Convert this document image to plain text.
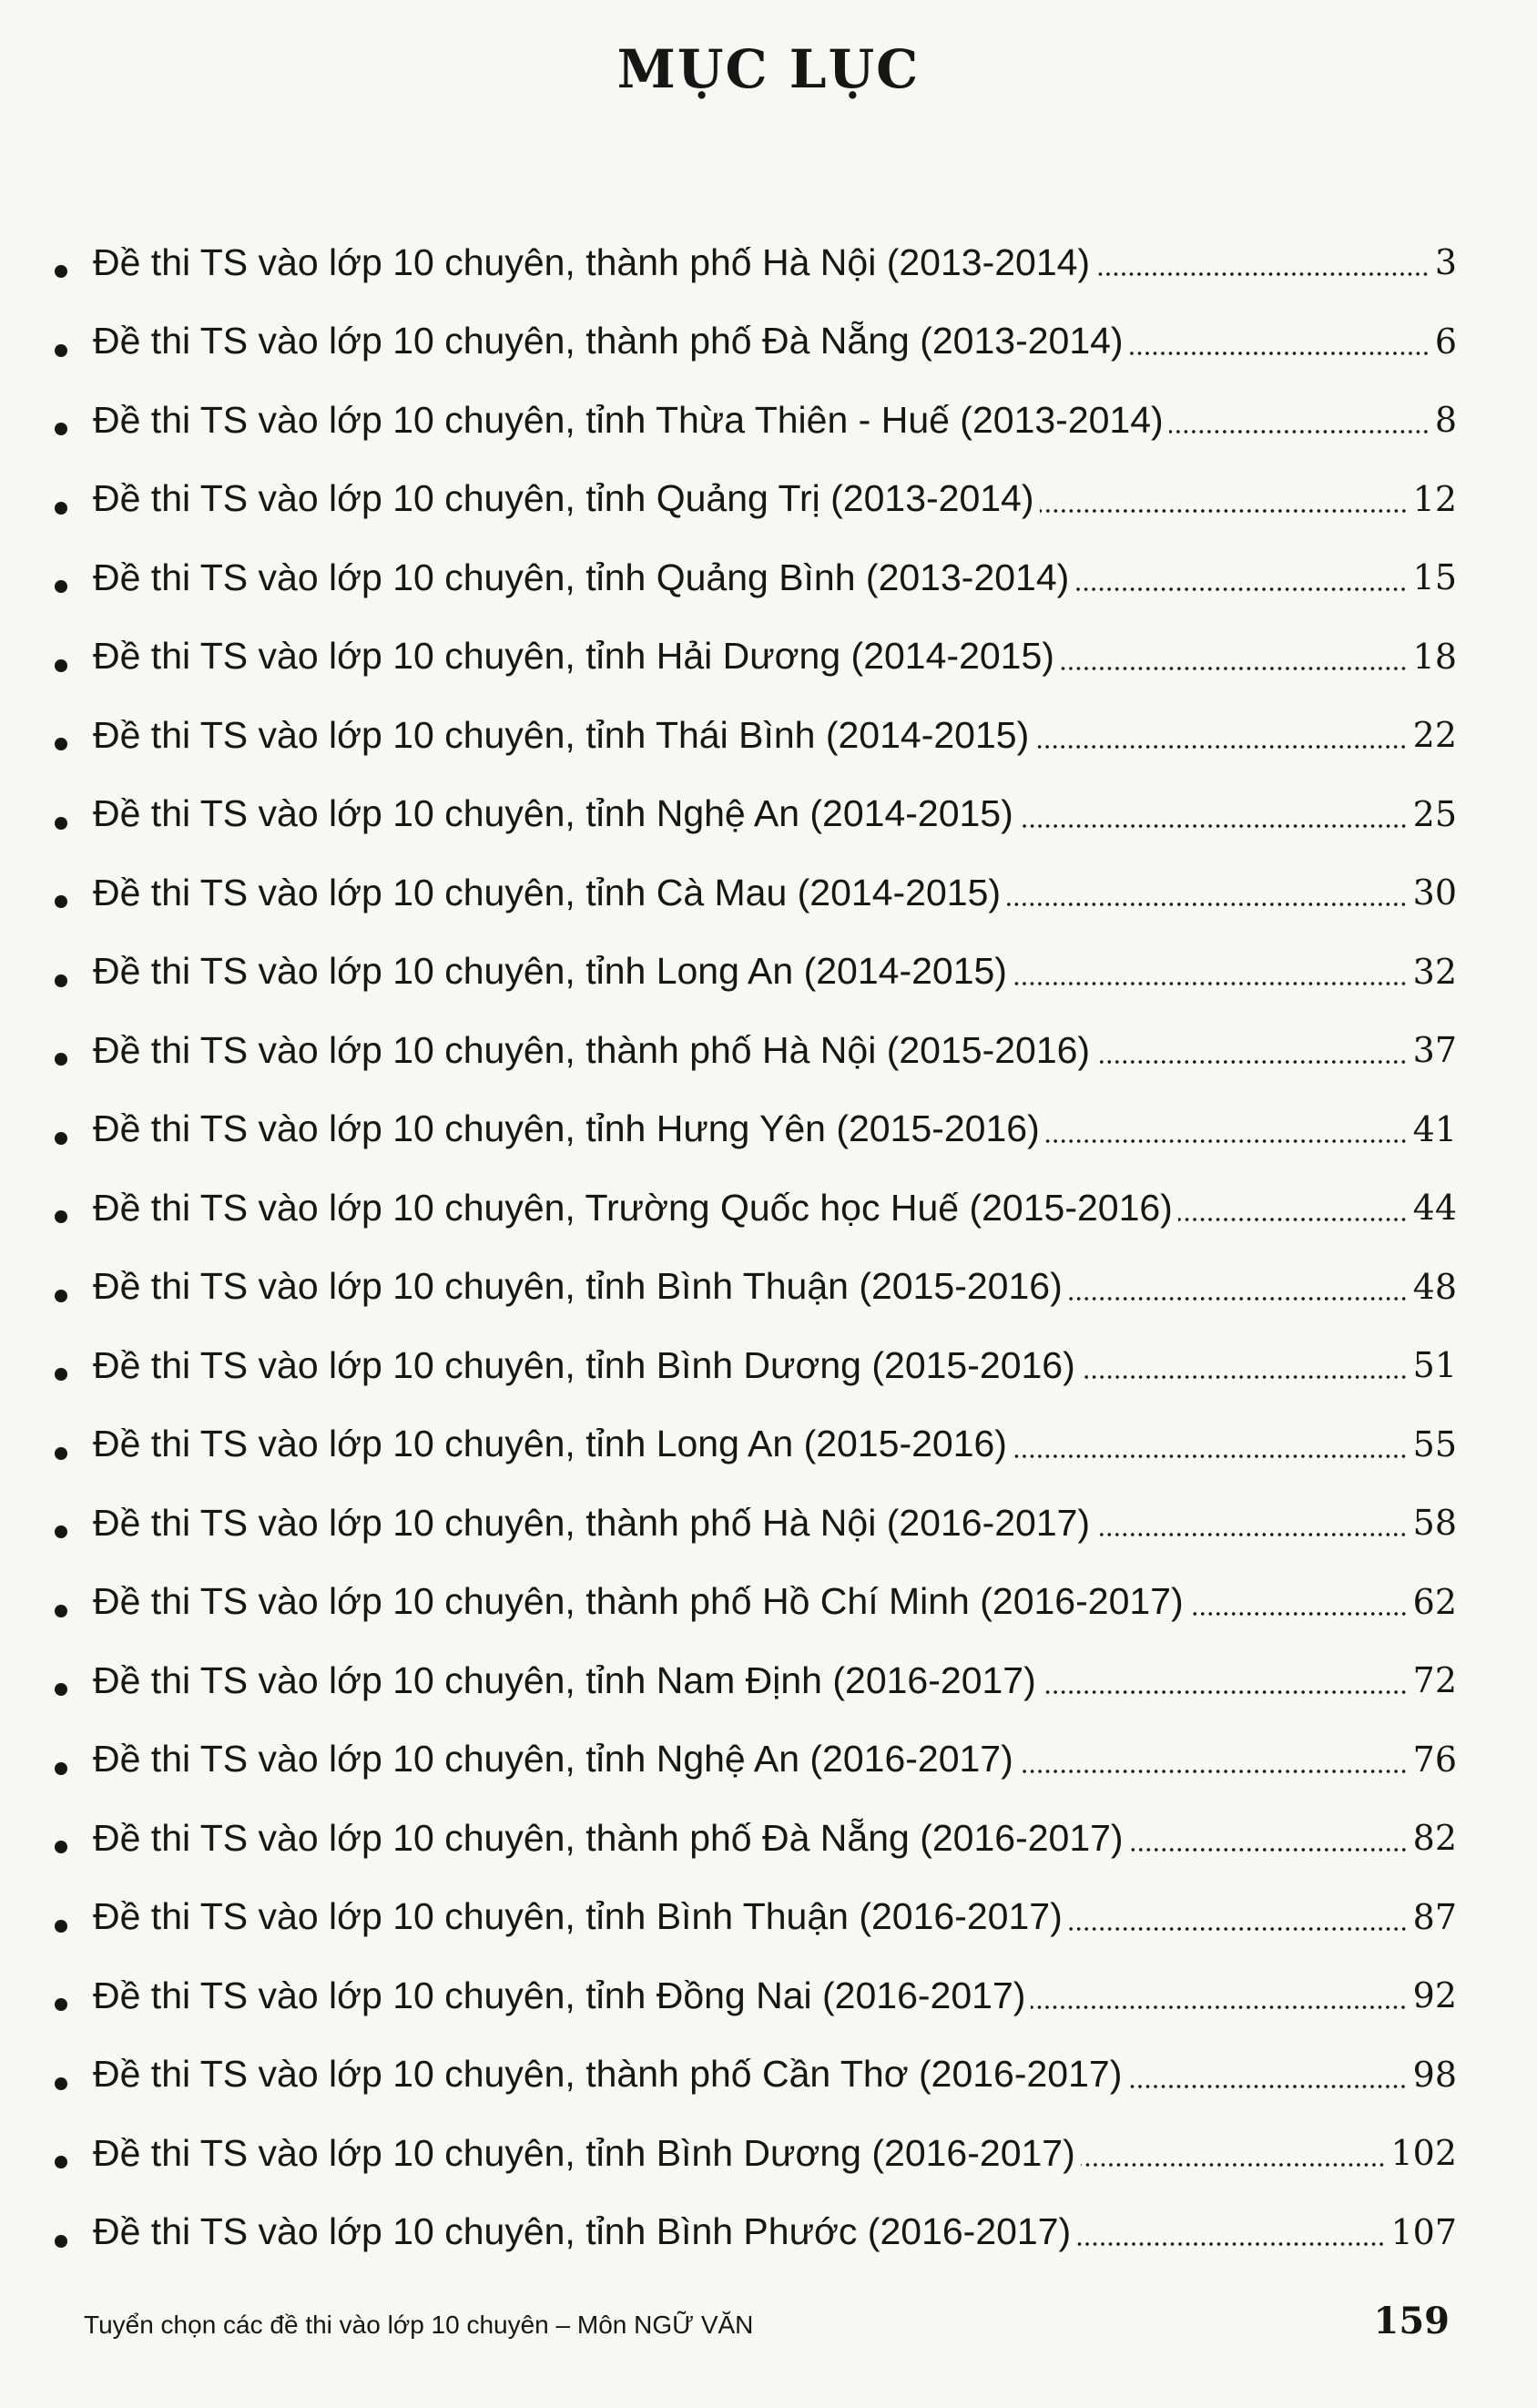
MỤC LỤC
Đề thi TS vào lớp 10 chuyên, thành phố Hà Nội (2013-2014)	3
Đề thi TS vào lớp 10 chuyên, thành phố Đà Nẵng (2013-2014)	6
Đề thi TS vào lớp 10 chuyên, tỉnh Thừa Thiên - Huế (2013-2014)	8
Đề thi TS vào lớp 10 chuyên, tỉnh Quảng Trị (2013-2014)	12
Đề thi TS vào lớp 10 chuyên, tỉnh Quảng Bình (2013-2014)	15
Đề thi TS vào lớp 10 chuyên, tỉnh Hải Dương (2014-2015)	18
Đề thi TS vào lớp 10 chuyên, tỉnh Thái Bình (2014-2015)	22
Đề thi TS vào lớp 10 chuyên, tỉnh Nghệ An (2014-2015)	25
Đề thi TS vào lớp 10 chuyên, tỉnh Cà Mau (2014-2015)	30
Đề thi TS vào lớp 10 chuyên, tỉnh Long An (2014-2015)	32
Đề thi TS vào lớp 10 chuyên, thành phố Hà Nội (2015-2016)	37
Đề thi TS vào lớp 10 chuyên, tỉnh Hưng Yên (2015-2016)	41
Đề thi TS vào lớp 10 chuyên, Trường Quốc học Huế (2015-2016)	44
Đề thi TS vào lớp 10 chuyên, tỉnh Bình Thuận (2015-2016)	48
Đề thi TS vào lớp 10 chuyên, tỉnh Bình Dương (2015-2016)	51
Đề thi TS vào lớp 10 chuyên, tỉnh Long An (2015-2016)	55
Đề thi TS vào lớp 10 chuyên, thành phố Hà Nội (2016-2017)	58
Đề thi TS vào lớp 10 chuyên, thành phố Hồ Chí Minh (2016-2017)	62
Đề thi TS vào lớp 10 chuyên, tỉnh Nam Định (2016-2017)	72
Đề thi TS vào lớp 10 chuyên, tỉnh Nghệ An (2016-2017)	76
Đề thi TS vào lớp 10 chuyên, thành phố Đà Nẵng (2016-2017)	82
Đề thi TS vào lớp 10 chuyên, tỉnh Bình Thuận (2016-2017)	87
Đề thi TS vào lớp 10 chuyên, tỉnh Đồng Nai (2016-2017)	92
Đề thi TS vào lớp 10 chuyên, thành phố Cần Thơ (2016-2017)	98
Đề thi TS vào lớp 10 chuyên, tỉnh Bình Dương (2016-2017)	102
Đề thi TS vào lớp 10 chuyên, tỉnh Bình Phước (2016-2017)	107
Tuyển chọn các đề thi vào lớp 10 chuyên – Môn NGỮ VĂN	159
